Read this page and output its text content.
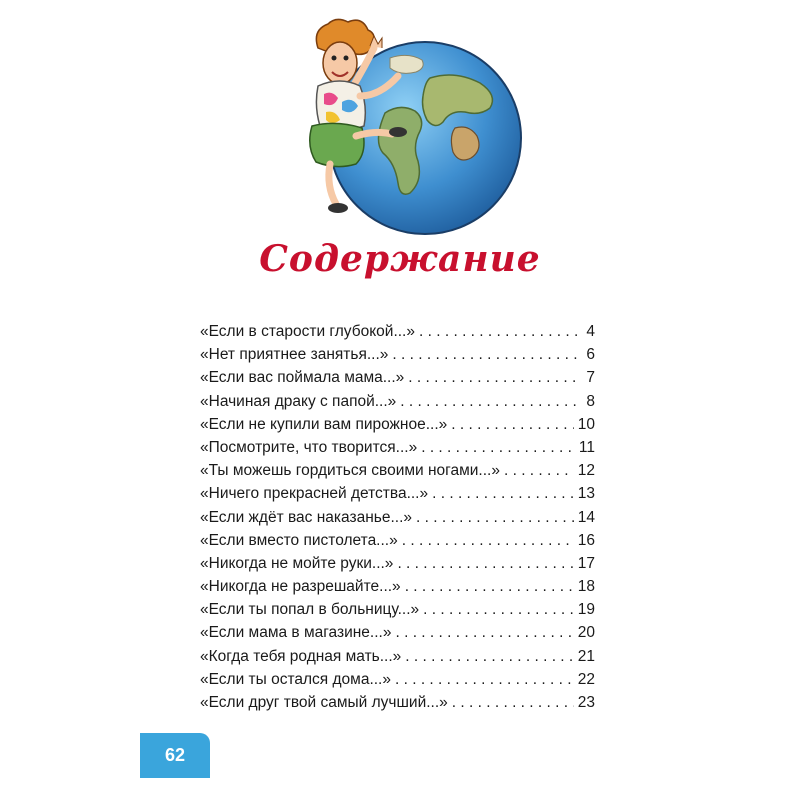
Содержание
«Если в старости глубокой...» . . .	4
«Нет приятнее занятья...» . . .	6
«Если вас поймала мама...» . . .	7
«Начиная драку с папой...» . . .	8
«Если не купили вам пирожное...» . . .	10
«Посмотрите, что творится...» . . .	11
«Ты можешь гордиться своими ногами...» . . .	12
«Ничего прекрасней детства...» . . .	13
«Если ждёт вас наказанье...» . . .	14
«Если вместо пистолета...» . . .	16
«Никогда не мойте руки...» . . .	17
«Никогда не разрешайте...» . . .	18
«Если ты попал в больницу...» . . .	19
«Если мама в магазине...» . . .	20
«Когда тебя родная мать...» . . .	21
«Если ты остался дома...» . . .	22
«Если друг твой самый лучший...» . . .	23
62
